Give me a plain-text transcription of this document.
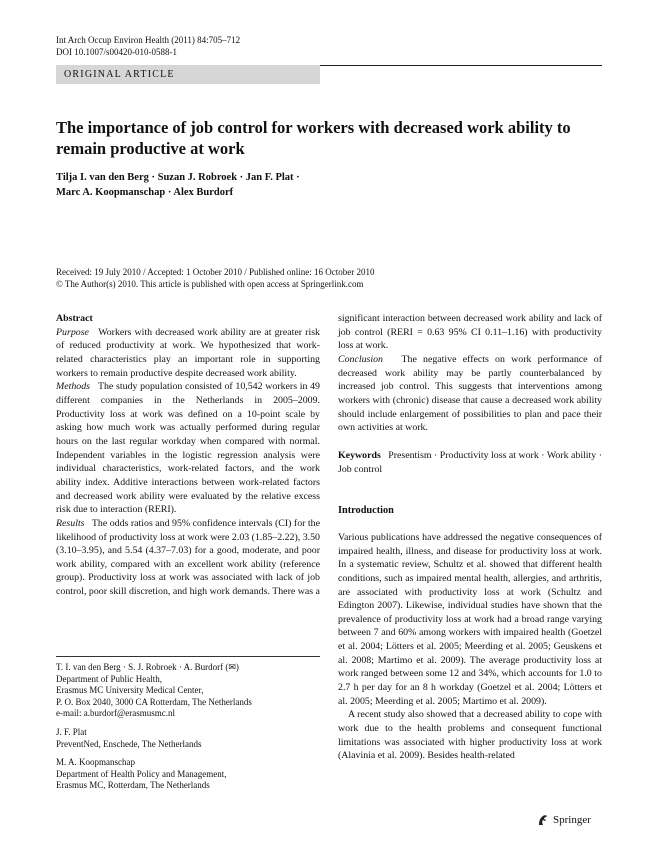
Int Arch Occup Environ Health (2011) 84:705–712
DOI 10.1007/s00420-010-0588-1
ORIGINAL ARTICLE
The importance of job control for workers with decreased work ability to remain productive at work
Tilja I. van den Berg · Suzan J. Robroek · Jan F. Plat ·
Marc A. Koopmanschap · Alex Burdorf
Received: 19 July 2010 / Accepted: 1 October 2010 / Published online: 16 October 2010
© The Author(s) 2010. This article is published with open access at Springerlink.com

Abstract

Purpose Workers with decreased work ability are at greater risk of reduced productivity at work. We hypothesized that work-related characteristics play an important role in supporting workers to remain productive despite decreased work ability.

Methods The study population consisted of 10,542 workers in 49 different companies in the Netherlands in 2005–2009. Productivity loss at work was defined on a 10-point scale by asking how much work was actually performed during regular hours on the last regular workday when compared with normal. Independent variables in the logistic regression analysis were individual characteristics, work-related factors, and the work ability index. Additive interactions between work-related factors and decreased work ability were evaluated by the relative excess risk due to interaction (RERI).

Results The odds ratios and 95% confidence intervals (CI) for the likelihood of productivity loss at work were 2.03 (1.85–2.22), 3.50 (3.10–3.95), and 5.54 (4.37–7.03) for a good, moderate, and poor work ability, compared with an excellent work ability (reference group). Productivity loss at work was associated with lack of job control, poor skill discretion, and high work demands. There was a

T. I. van den Berg · S. J. Robroek · A. Burdorf (✉)
Department of Public Health,
Erasmus MC University Medical Center,
P. O. Box 2040, 3000 CA Rotterdam, The Netherlands
e-mail: a.burdorf@erasmusmc.nl

J. F. Plat
PreventNed, Enschede, The Netherlands

M. A. Koopmanschap
Department of Health Policy and Management,
Erasmus MC, Rotterdam, The Netherlands

significant interaction between decreased work ability and lack of job control (RERI = 0.63 95% CI 0.11–1.16) with productivity loss at work.

Conclusion The negative effects on work performance of decreased work ability may be partly counterbalanced by increased job control. This suggests that interventions among workers with (chronic) disease that cause a decreased work ability should include enlargement of possibilities to plan and pace their own activities at work.

Keywords Presentism · Productivity loss at work · Work ability · Job control

Introduction

Various publications have addressed the negative consequences of impaired health, illness, and disease for productivity loss at work. In a systematic review, Schultz et al. showed that different health conditions, such as impaired mental health, allergies, and arthritis, are associated with productivity loss at work (Schultz and Edington 2007). Likewise, individual studies have shown that the prevalence of productivity loss at work had a broad range varying between 7 and 60% among workers with impaired health (Goetzel et al. 2004; Lötters et al. 2005; Meerding et al. 2005; Geuskens et al. 2008; Martimo et al. 2009). The average productivity loss at work ranged between some 12 and 34%, which accounts for 1.0 to 2.7 h per day for an 8 h workday (Goetzel et al. 2004; Lötters et al. 2005; Meerding et al. 2005; Martimo et al. 2009).

A recent study also showed that a decreased ability to cope with work due to the health problems and consequent functional limitations was associated with higher productivity loss at work (Alavinia et al. 2009). Besides health-related

Springer
